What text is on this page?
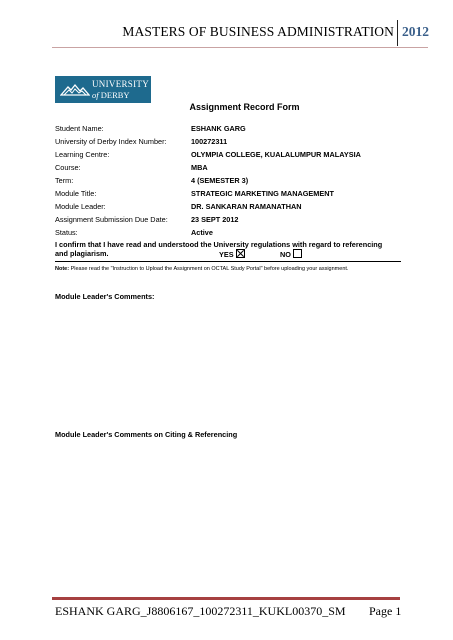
MASTERS OF BUSINESS ADMINISTRATION 2012
UNIVERSITY
of DERBY
Assignment Record Form
Student Name:	ESHANK GARG
University of Derby Index Number:	100272311
Learning Centre:	OLYMPIA COLLEGE, KUALALUMPUR MALAYSIA
Course:	MBA
Term:	4 (SEMESTER 3)
Module Title:	STRATEGIC MARKETING MANAGEMENT
Module Leader:	DR. SANKARAN RAMANATHAN
Assignment Submission Due Date:	23 SEPT 2012
Status:	Active
I confirm that I have read and understood the University regulations with regard to referencing
and plagiarism.	YES	NO
Note: Please read the "Instruction to Upload the Assignment on OCTAL Study Portal" before uploading your assignment.
Module Leader's Comments:
Module Leader's Comments on Citing & Referencing
ESHANK GARG_J8806167_100272311_KUKL00370_SM Page 1
